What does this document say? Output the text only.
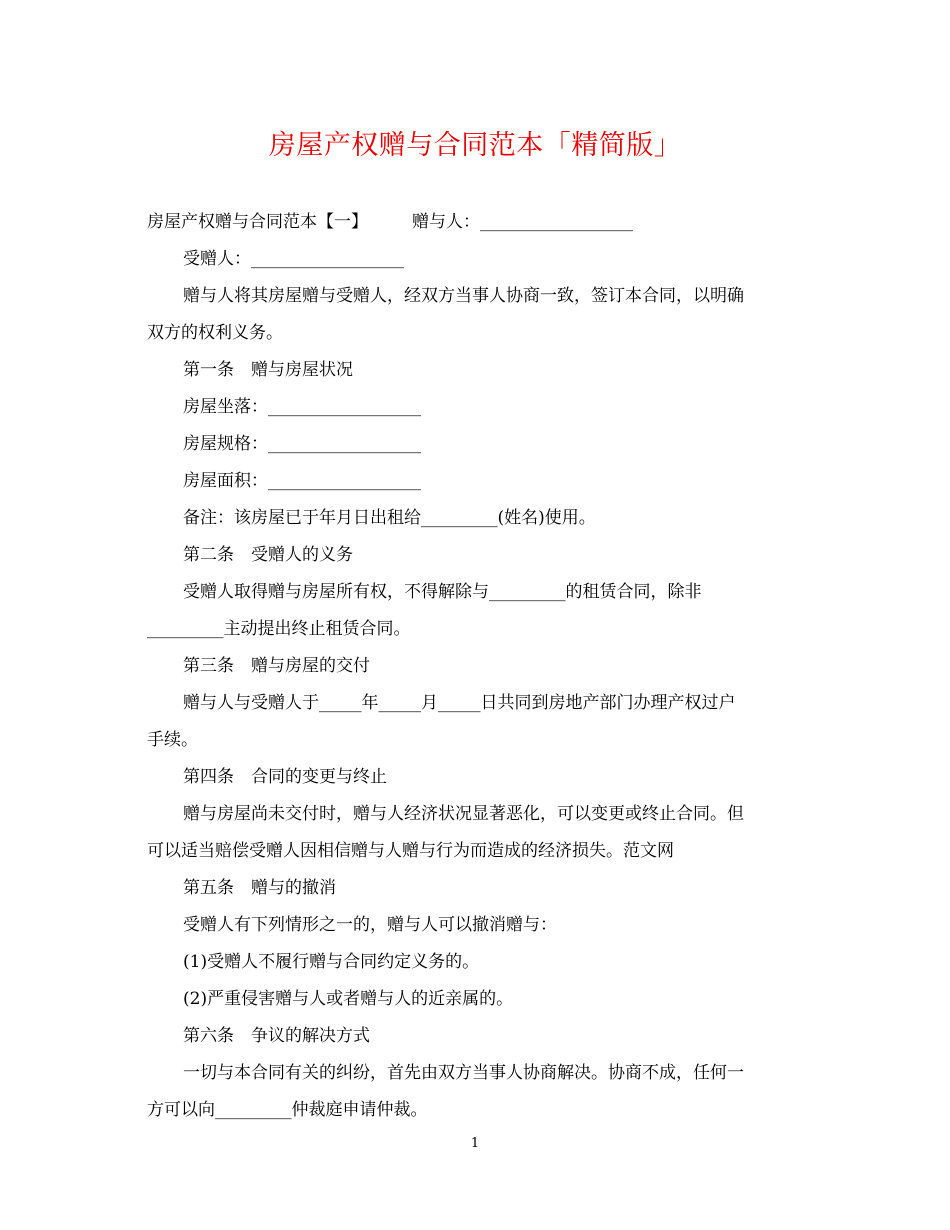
房屋产权赠与合同范本「精简版」
房屋产权赠与合同范本【一】	赠与人：__________________
受赠人：__________________
赠与人将其房屋赠与受赠人，经双方当事人协商一致，签订本合同，以明确
双方的权利义务。
第一条　赠与房屋状况
房屋坐落：__________________
房屋规格：__________________
房屋面积：__________________
备注：该房屋已于年月日出租给_________(姓名)使用。
第二条　受赠人的义务
受赠人取得赠与房屋所有权，不得解除与_________的租赁合同，除非
_________主动提出终止租赁合同。
第三条　赠与房屋的交付
赠与人与受赠人于_____年_____月_____日共同到房地产部门办理产权过户
手续。
第四条　合同的变更与终止
赠与房屋尚未交付时，赠与人经济状况显著恶化，可以变更或终止合同。但
可以适当赔偿受赠人因相信赠与人赠与行为而造成的经济损失。范文网
第五条　赠与的撤消
受赠人有下列情形之一的，赠与人可以撤消赠与：
(1)受赠人不履行赠与合同约定义务的。
(2)严重侵害赠与人或者赠与人的近亲属的。
第六条　争议的解决方式
一切与本合同有关的纠纷，首先由双方当事人协商解决。协商不成，任何一
方可以向_________仲裁庭申请仲裁。
1
